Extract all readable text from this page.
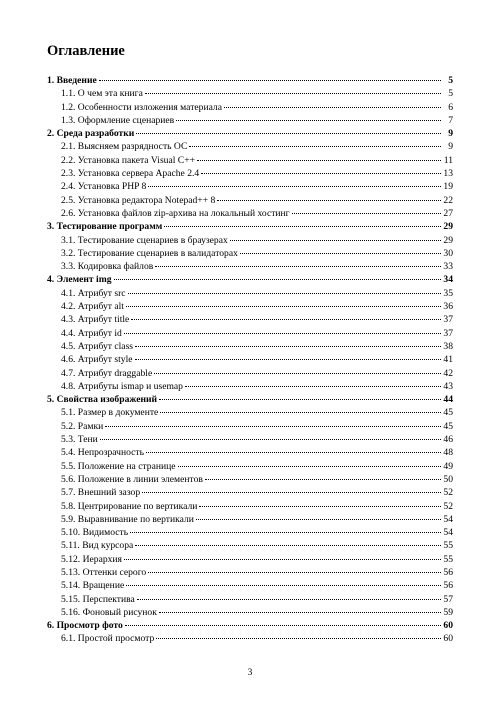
Оглавление
1. Введение	5
1.1. О чем эта книга	5
1.2. Особенности изложения материала	6
1.3. Оформление сценариев	7
2. Среда разработки	9
2.1. Выясняем разрядность ОС	9
2.2. Установка пакета Visual C++	11
2.3. Установка сервера Apache 2.4	13
2.4. Установка PHP 8	19
2.5. Установка редактора Notepad++ 8	22
2.6. Установка файлов zip-архива на локальный хостинг	27
3. Тестирование программ	29
3.1. Тестирование сценариев в браузерах	29
3.2. Тестирование сценариев в валидаторах	30
3.3. Кодировка файлов	33
4. Элемент img	34
4.1. Атрибут src	35
4.2. Атрибут alt	36
4.3. Атрибут title	37
4.4. Атрибут id	37
4.5. Атрибут class	38
4.6. Атрибут style	41
4.7. Атрибут draggable	42
4.8. Атрибуты ismap и usemap	43
5. Свойства изображений	44
5.1. Размер в документе	45
5.2. Рамки	45
5.3. Тени	46
5.4. Непрозрачность	48
5.5. Положение на странице	49
5.6. Положение в линии элементов	50
5.7. Внешний зазор	52
5.8. Центрирование по вертикали	52
5.9. Выравнивание по вертикали	54
5.10. Видимость	54
5.11. Вид курсора	55
5.12. Иерархия	55
5.13. Оттенки серого	56
5.14. Вращение	56
5.15. Перспектива	57
5.16. Фоновый рисунок	59
6. Просмотр фото	60
6.1. Простой просмотр	60
3
